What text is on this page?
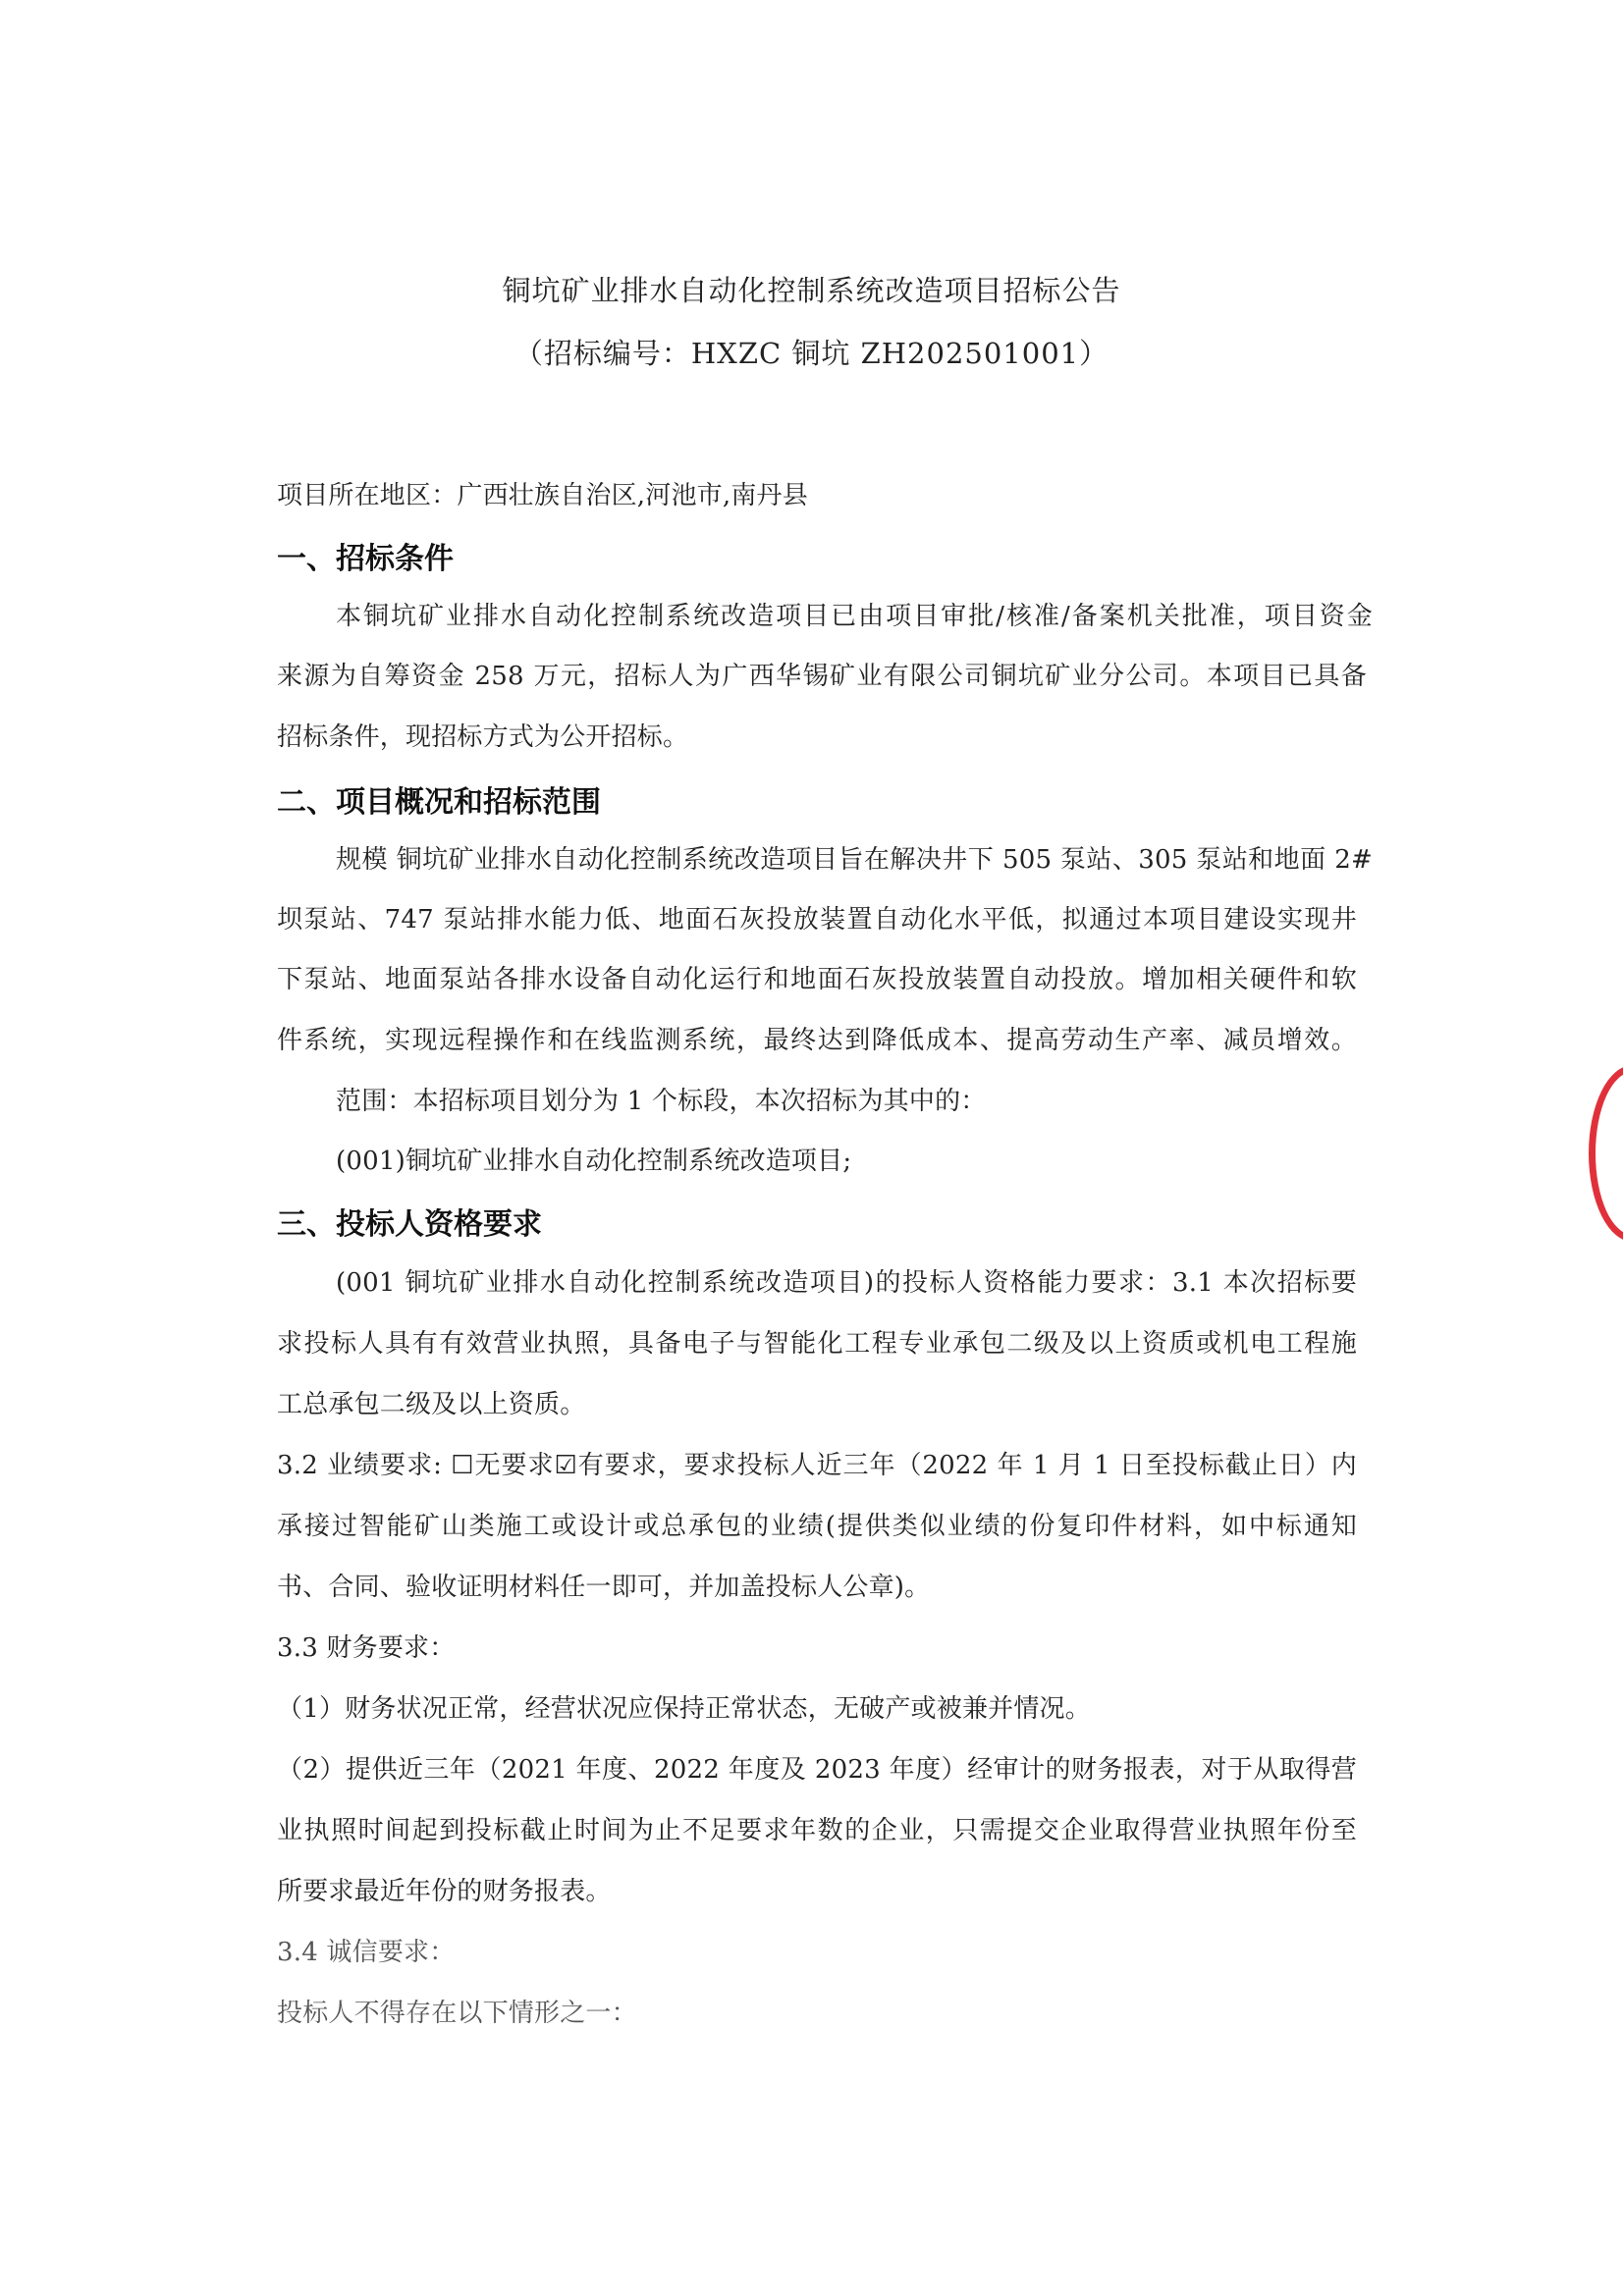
铜坑矿业排水自动化控制系统改造项目招标公告
（招标编号：HXZC 铜坑 ZH202501001）
项目所在地区：广西壮族自治区,河池市,南丹县
一、招标条件
本铜坑矿业排水自动化控制系统改造项目已由项目审批/核准/备案机关批准，项目资金
来源为自筹资金 258 万元，招标人为广西华锡矿业有限公司铜坑矿业分公司。本项目已具备
招标条件，现招标方式为公开招标。
二、项目概况和招标范围
规模 铜坑矿业排水自动化控制系统改造项目旨在解决井下 505 泵站、305 泵站和地面 2#
坝泵站、747 泵站排水能力低、地面石灰投放装置自动化水平低，拟通过本项目建设实现井
下泵站、地面泵站各排水设备自动化运行和地面石灰投放装置自动投放。增加相关硬件和软
件系统，实现远程操作和在线监测系统，最终达到降低成本、提高劳动生产率、减员增效。
范围：本招标项目划分为 1 个标段，本次招标为其中的：
(001)铜坑矿业排水自动化控制系统改造项目;
三、投标人资格要求
(001 铜坑矿业排水自动化控制系统改造项目)的投标人资格能力要求：3.1 本次招标要
求投标人具有有效营业执照，具备电子与智能化工程专业承包二级及以上资质或机电工程施
工总承包二级及以上资质。
3.2 业绩要求: ☐无要求☑有要求，要求投标人近三年（2022 年 1 月 1 日至投标截止日）内
承接过智能矿山类施工或设计或总承包的业绩(提供类似业绩的份复印件材料，如中标通知
书、合同、验收证明材料任一即可，并加盖投标人公章)。
3.3 财务要求：
（1）财务状况正常，经营状况应保持正常状态，无破产或被兼并情况。
（2）提供近三年（2021 年度、2022 年度及 2023 年度）经审计的财务报表，对于从取得营
业执照时间起到投标截止时间为止不足要求年数的企业，只需提交企业取得营业执照年份至
所要求最近年份的财务报表。
3.4 诚信要求：
投标人不得存在以下情形之一：
